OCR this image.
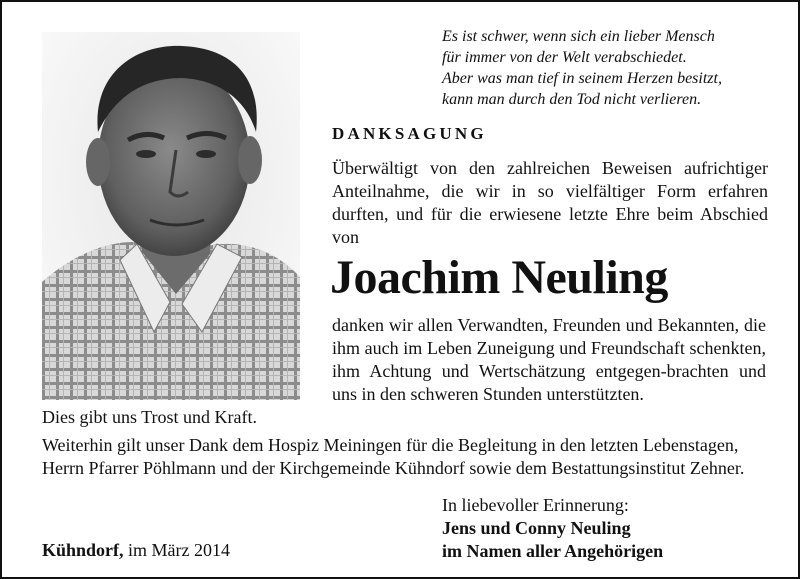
Es ist schwer, wenn sich ein lieber Mensch
für immer von der Welt verabschiedet.
Aber was man tief in seinem Herzen besitzt,
kann man durch den Tod nicht verlieren.
DANKSAGUNG
Überwältigt von den zahlreichen Beweisen aufrichtiger Anteilnahme, die wir in so vielfältiger Form erfahren durften, und für die erwiesene letzte Ehre beim Abschied von
Joachim Neuling
danken wir allen Verwandten, Freunden und Bekannten, die ihm auch im Leben Zuneigung und Freundschaft schenkten, ihm Achtung und Wertschätzung entgegen-brachten und uns in den schweren Stunden unterstützten.
Dies gibt uns Trost und Kraft.
Weiterhin gilt unser Dank dem Hospiz Meiningen für die Begleitung in den letzten Lebenstagen, Herrn Pfarrer Pöhlmann und der Kirchgemeinde Kühndorf sowie dem Bestattungsinstitut Zehner.
In liebevoller Erinnerung:
Jens und Conny Neuling
im Namen aller Angehörigen
Kühndorf, im März 2014
